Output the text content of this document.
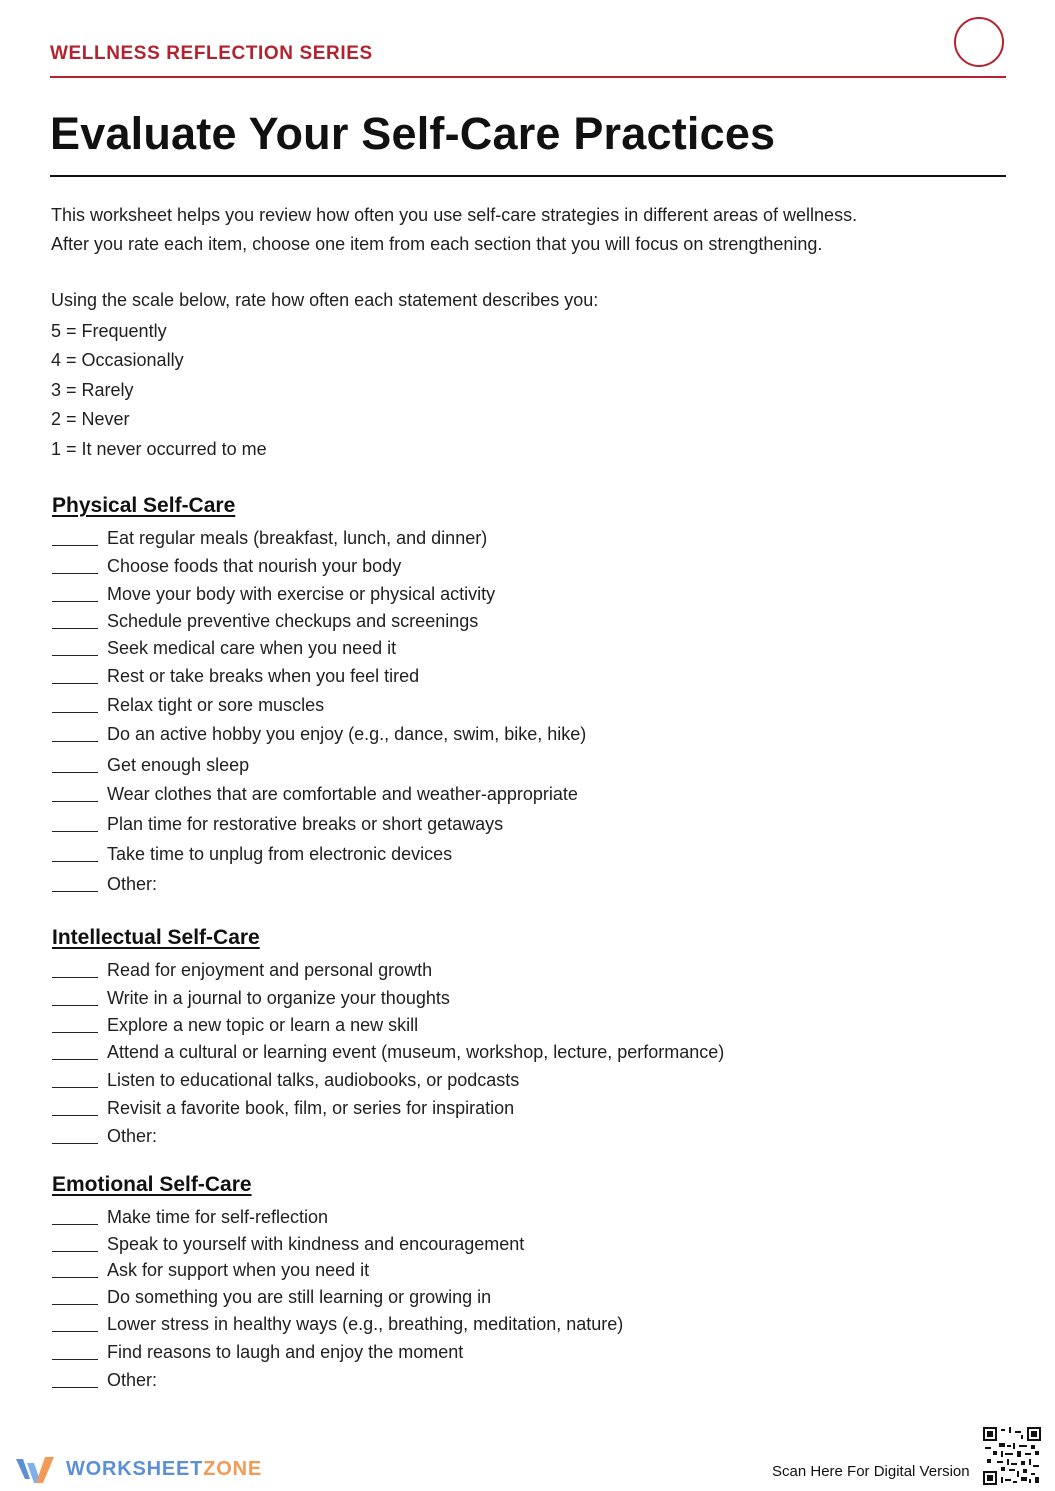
WELLNESS REFLECTION SERIES
Evaluate Your Self-Care Practices
This worksheet helps you review how often you use self-care strategies in different areas of wellness.
After you rate each item, choose one item from each section that you will focus on strengthening.
Using the scale below, rate how often each statement describes you:
5 = Frequently
4 = Occasionally
3 = Rarely
2 = Never
1 = It never occurred to me
Physical Self-Care
Eat regular meals (breakfast, lunch, and dinner)
Choose foods that nourish your body
Move your body with exercise or physical activity
Schedule preventive checkups and screenings
Seek medical care when you need it
Rest or take breaks when you feel tired
Relax tight or sore muscles
Do an active hobby you enjoy (e.g., dance, swim, bike, hike)
Get enough sleep
Wear clothes that are comfortable and weather-appropriate
Plan time for restorative breaks or short getaways
Take time to unplug from electronic devices
Other:
Intellectual Self-Care
Read for enjoyment and personal growth
Write in a journal to organize your thoughts
Explore a new topic or learn a new skill
Attend a cultural or learning event (museum, workshop, lecture, performance)
Listen to educational talks, audiobooks, or podcasts
Revisit a favorite book, film, or series for inspiration
Other:
Emotional Self-Care
Make time for self-reflection
Speak to yourself with kindness and encouragement
Ask for support when you need it
Do something you are still learning or growing in
Lower stress in healthy ways (e.g., breathing, meditation, nature)
Find reasons to laugh and enjoy the moment
Other:
WORKSHEETZONE	Scan Here For Digital Version
